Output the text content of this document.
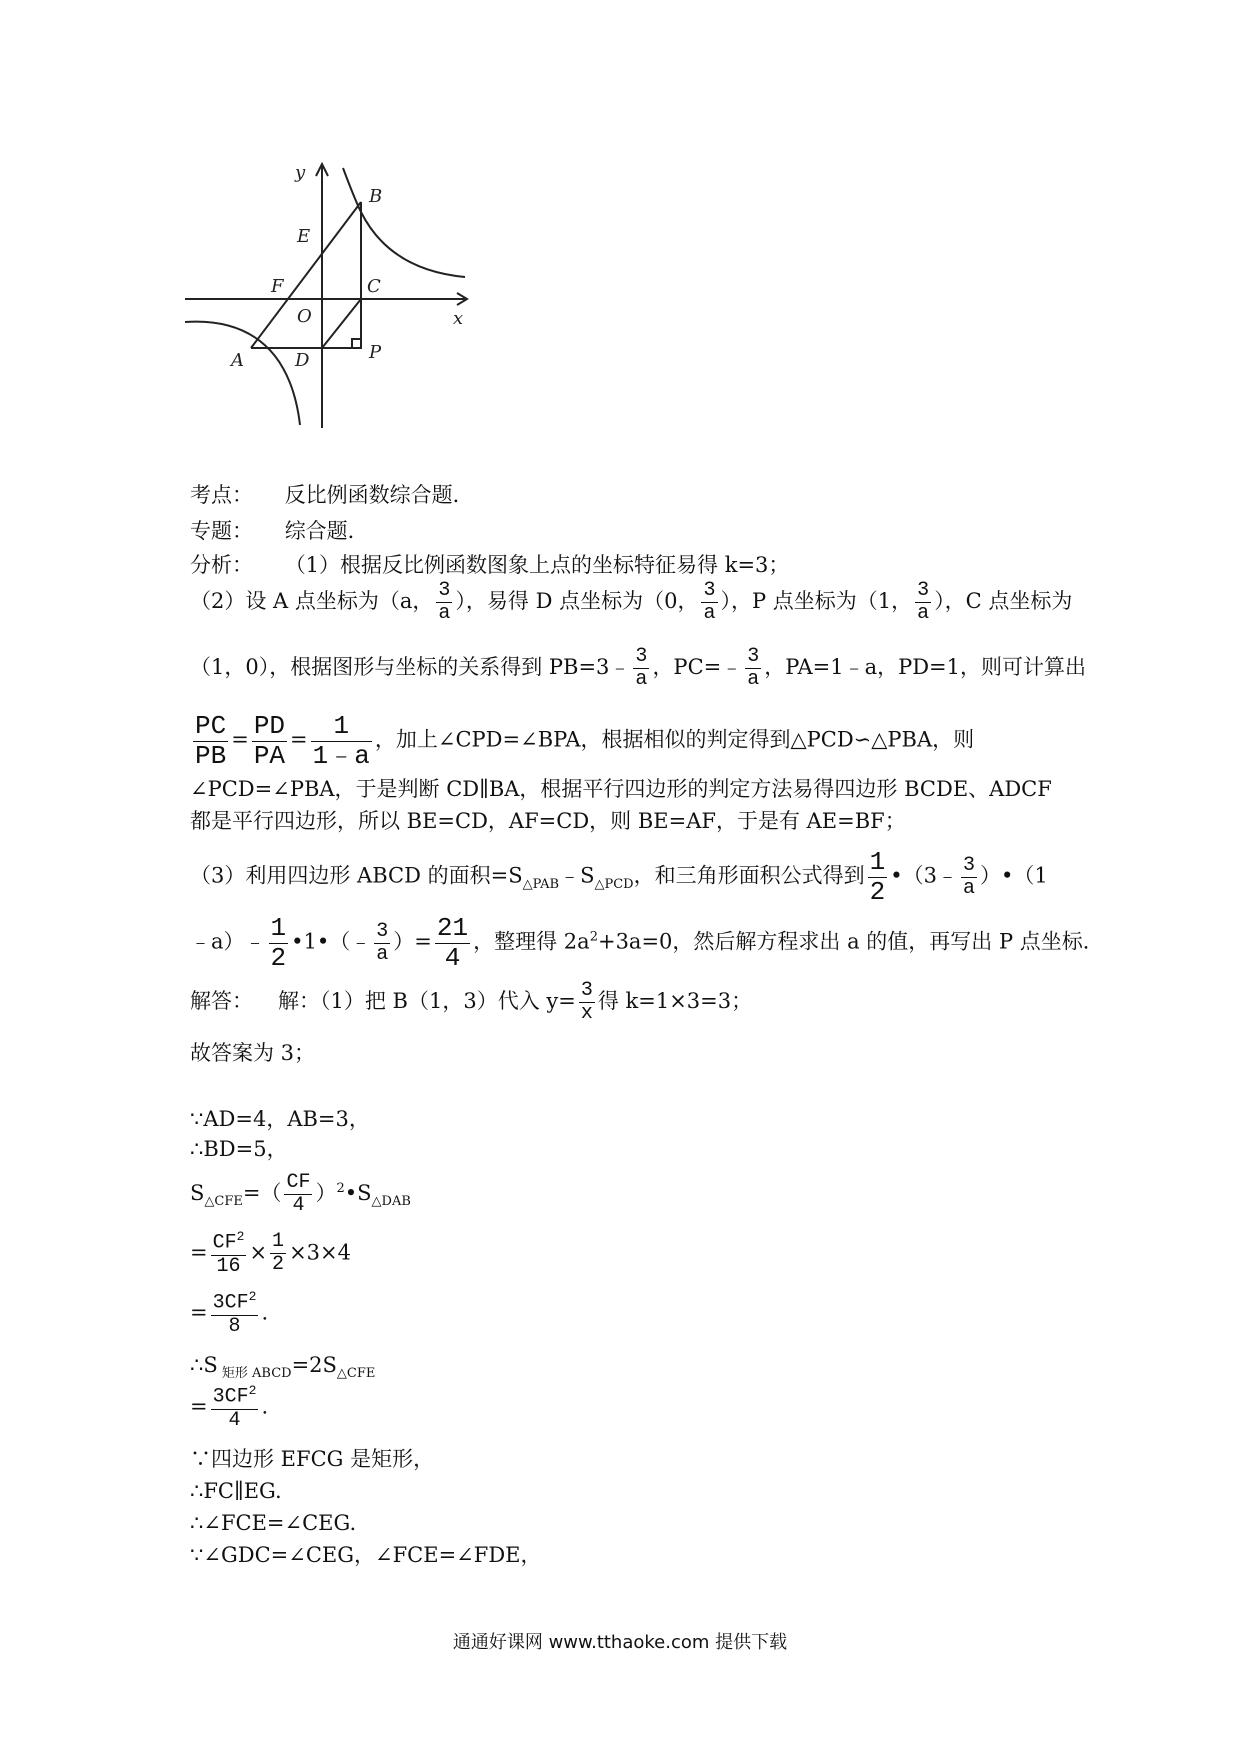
y
B
E
F	C
O	x
A	D	P
考点： 反比例函数综合题．
专题： 综合题．
分析： （1）根据反比例函数图象上点的坐标特征易得 k=3；
（2）设 A 点坐标为（a， $\frac{3}{a}$ ），易得 D 点坐标为（0， $\frac{3}{a}$ ），P 点坐标为（1， $\frac{3}{a}$ ），C 点坐标为
（1，0），根据图形与坐标的关系得到 PB=3﹣ $\frac{3}{a}$ ，PC=﹣ $\frac{3}{a}$ ，PA=1﹣a，PD=1，则可计算出
$\frac{PC}{PB} = \frac{PD}{PA} = \frac{1}{1﹣a}$ ，加上∠CPD=∠BPA，根据相似的判定得到△PCD∽△PBA，则
∠PCD=∠PBA，于是判断 CD∥BA，根据平行四边形的判定方法易得四边形 BCDE、ADCF
都是平行四边形，所以 BE=CD，AF=CD，则 BE=AF，于是有 AE=BF；
（3）利用四边形 ABCD 的面积$=S_{\triangle PAB}﹣S_{\triangle PCD}$，和三角形面积公式得到 $\frac{1}{2}$ •（3﹣ $\frac{3}{a}$ ）•（1
﹣a）﹣ $\frac{1}{2}$ •1•（﹣ $\frac{3}{a}$ ）= $\frac{21}{4}$ ，整理得 $2a^2+3a=0$，然后解方程求出 a 的值，再写出 P 点坐标．
解答： 解：（1）把 B（1，3）代入 $y= \frac{3}{x}$ 得 k=1×3=3；
故答案为 3；
∵AD=4，AB=3，
∴BD=5，
$S_{\triangle CFE}=( \frac{CF}{4}$ ）$^2•S_{\triangle DAB}$
= $\frac{CF^2}{16} \times \frac{1}{2} \times 3\times 4$
= $\frac{3CF^2}{8}$ .
∴S $_{矩形 ABCD}=2S_{\triangle CFE}$
= $\frac{3CF^2}{4}$ .
∵四边形 EFCG 是矩形，
∴FC∥EG.
∴∠FCE=∠CEG.
∵∠GDC=∠CEG，∠FCE=∠FDE，
通通好课网 www.tthaoke.com 提供下载
